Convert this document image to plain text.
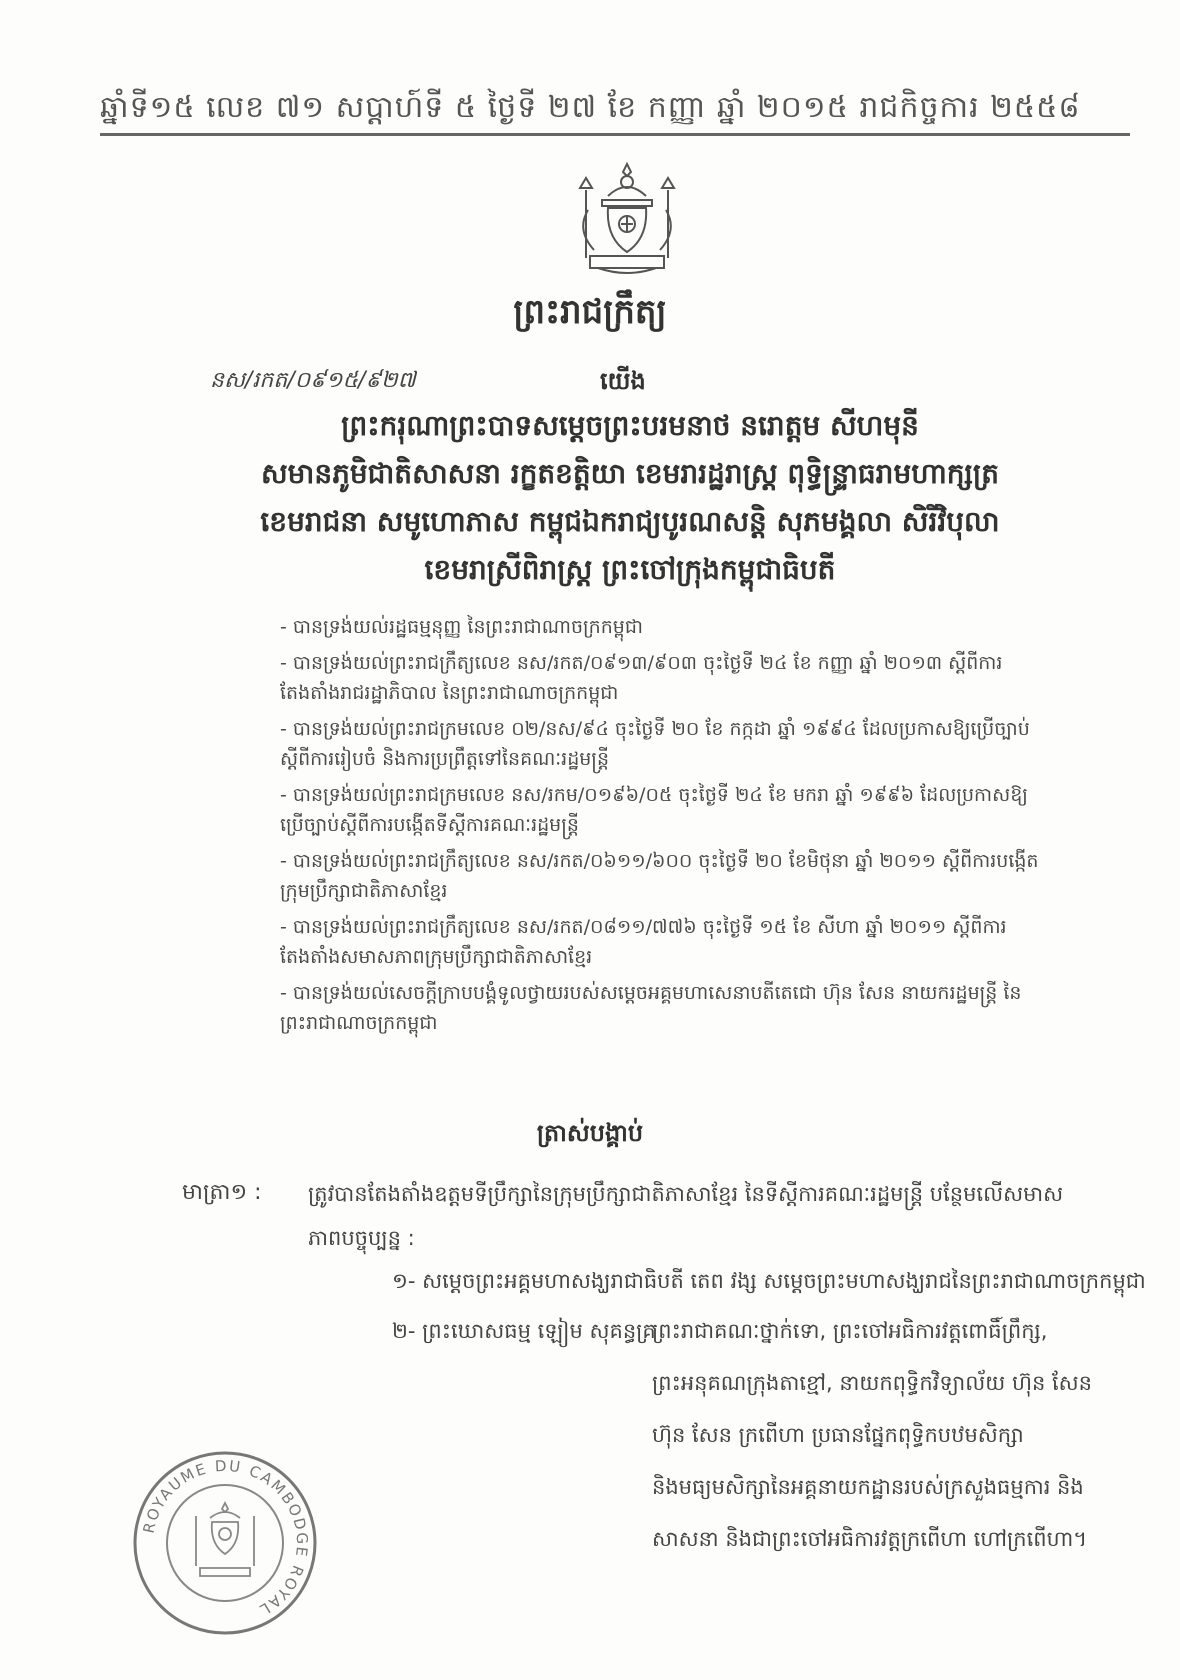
ឆ្នាំទី១៥ លេខ ៧១ សប្ដាហ៍ទី ៥ ថ្ងៃទី ២៧ ខែ កញ្ញា ឆ្នាំ ២០១៥ រាជកិច្ចការ ២៥៥៨
ព្រះរាជក្រឹត្យ
នស/រកត/០៩១៥/៩២៧	យើង
ព្រះករុណាព្រះបាទសម្ដេចព្រះបរមនាថ នរោត្ដម សីហមុនី
សមានភូមិជាតិសាសនា រក្ខតខត្តិយា ខេមរារដ្ឋរាស្ត្រ ពុទ្ធិន្ទ្រាធរាមហាក្សត្រ
ខេមរាជនា សមូហោភាស កម្ពុជឯករាជ្យបូរណសន្ដិ សុភមង្គលា សិរីវិបុលា
ខេមរាស្រីពិរាស្ត្រ ព្រះចៅក្រុងកម្ពុជាធិបតី

- បានទ្រង់យល់រដ្ឋធម្មនុញ្ញ នៃព្រះរាជាណាចក្រកម្ពុជា

- បានទ្រង់យល់ព្រះរាជក្រឹត្យលេខ នស/រកត/០៩១៣/៩០៣ ចុះថ្ងៃទី ២៤ ខែ កញ្ញា ឆ្នាំ ២០១៣ ស្ដីពីការតែងតាំងរាជរដ្ឋាភិបាល នៃព្រះរាជាណាចក្រកម្ពុជា

- បានទ្រង់យល់ព្រះរាជក្រមលេខ ០២/នស/៩៤ ចុះថ្ងៃទី ២០ ខែ កក្កដា ឆ្នាំ ១៩៩៤ ដែលប្រកាសឱ្យប្រើច្បាប់ស្ដីពីការរៀបចំ និងការប្រព្រឹត្តទៅនៃគណៈរដ្ឋមន្ត្រី

- បានទ្រង់យល់ព្រះរាជក្រមលេខ នស/រកម/០១៩៦/០៥ ចុះថ្ងៃទី ២៤ ខែ មករា ឆ្នាំ ១៩៩៦ ដែលប្រកាសឱ្យប្រើច្បាប់ស្ដីពីការបង្កើតទីស្ដីការគណៈរដ្ឋមន្ត្រី

- បានទ្រង់យល់ព្រះរាជក្រឹត្យលេខ នស/រកត/០៦១១/៦០០ ចុះថ្ងៃទី ២០ ខែមិថុនា ឆ្នាំ ២០១១ ស្ដីពីការបង្កើតក្រុមប្រឹក្សាជាតិភាសាខ្មែរ

- បានទ្រង់យល់ព្រះរាជក្រឹត្យលេខ នស/រកត/០៨១១/៧៧៦ ចុះថ្ងៃទី ១៥ ខែ សីហា ឆ្នាំ ២០១១ ស្ដីពីការតែងតាំងសមាសភាពក្រុមប្រឹក្សាជាតិភាសាខ្មែរ

- បានទ្រង់យល់សេចក្ដីក្រាបបង្គំទូលថ្វាយរបស់សម្ដេចអគ្គមហាសេនាបតីតេជោ ហ៊ុន សែន នាយករដ្ឋមន្ត្រី នៃព្រះរាជាណាចក្រកម្ពុជា

ត្រាស់បង្គាប់
មាត្រា១ : ត្រូវបានតែងតាំងឧត្ដមទីប្រឹក្សានៃក្រុមប្រឹក្សាជាតិភាសាខ្មែរ នៃទីស្ដីការគណៈរដ្ឋមន្ត្រី បន្ថែមលើសមាសភាពបច្ចុប្បន្ន :
១- សម្ដេចព្រះអគ្គមហាសង្ឃរាជាធិបតី តេព វង្ស សម្ដេចព្រះមហាសង្ឃរាជនៃព្រះរាជាណាចក្រកម្ពុជា
២- ព្រះឃោសធម្ម ឡៀម សុគន្ធគ្រ
ព្រះរាជាគណៈថ្នាក់ទោ, ព្រះចៅអធិការវត្តពោធិ៍ព្រឹក្ស,
ព្រះអនុគណក្រុងតាខ្មៅ, នាយកពុទ្ធិកវិទ្យាល័យ ហ៊ុន សែន
ហ៊ុន សែន ក្រពើហា ប្រធានផ្នែកពុទ្ធិកបឋមសិក្សា
និងមធ្យមសិក្សានៃអគ្គនាយកដ្ឋានរបស់ក្រសួងធម្មការ និង
សាសនា និងជាព្រះចៅអធិការវត្តក្រពើហា ហៅក្រពើហា។
ROYAUME DU CAMBODGE ROYAL
